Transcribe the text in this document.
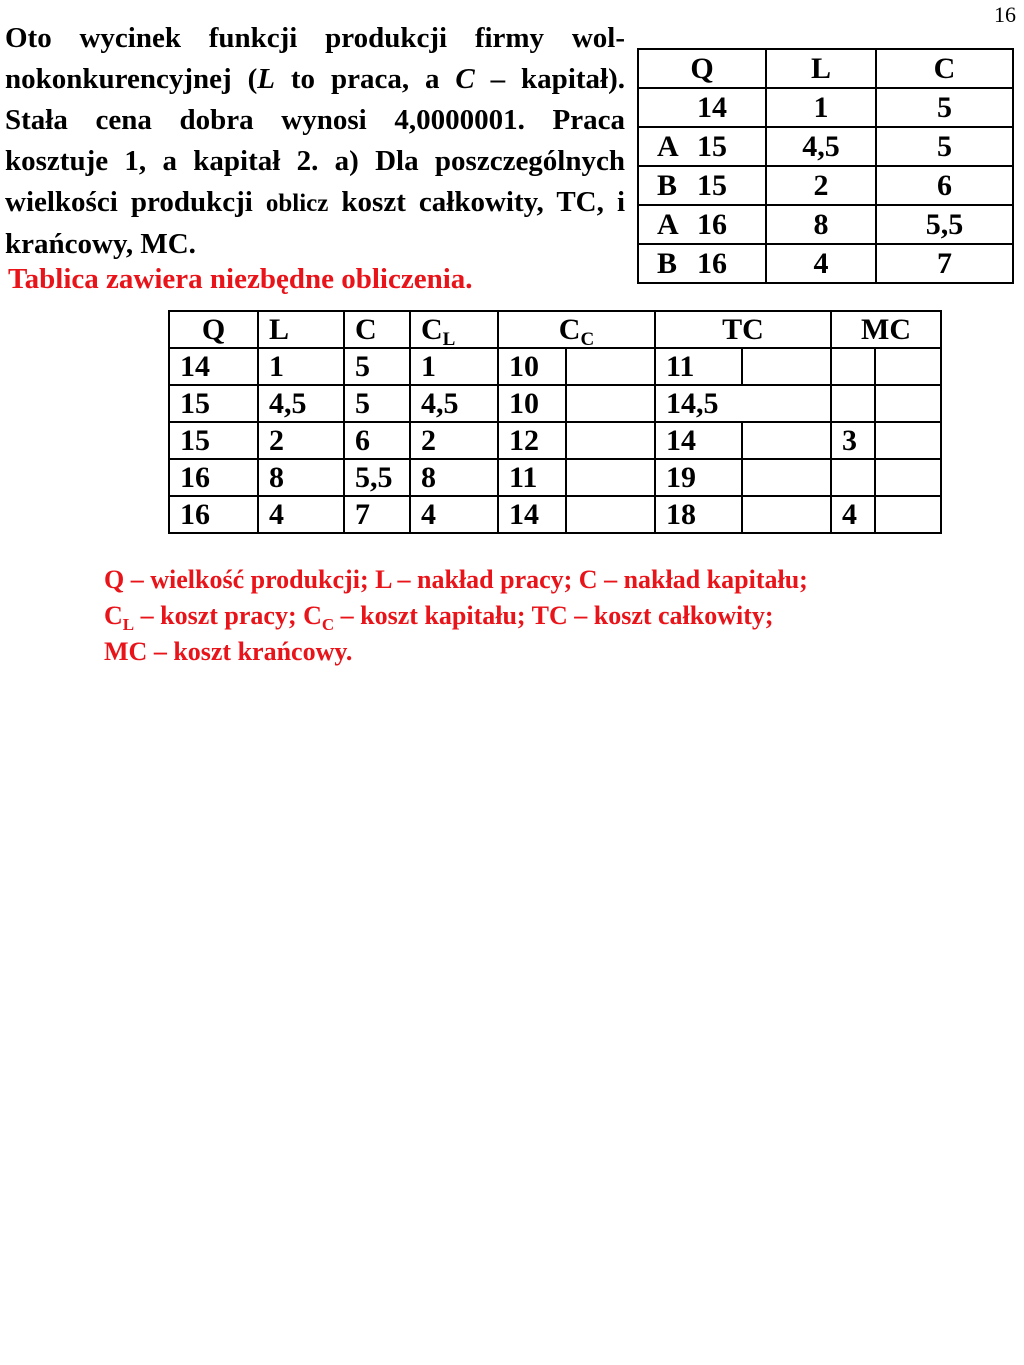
16

Oto wycinek funkcji produkcji firmy wolnokonkurencyjnej (L to praca, a C – kapitał). Stała cena dobra wynosi 4,0000001. Praca kosztuje 1, a kapitał 2. a) Dla poszczególnych wielkości produkcji oblicz koszt całkowity, TC, i krańcowy, MC.

Tablica zawiera niezbędne obliczenia.

Q	L	C
14	1	5
A 15	4,5	5
B 15	2	6
A 16	8	5,5
B 16	4	7
Q	L	C	$C_L$	$C_C$		TC		MC	
14	1	5	1	10		11			
15	4,5	5	4,5	10		14,5			
15	2	6	2	12		14		3	
16	8	5,5	8	11		19			
16	4	7	4	14		18		4	
Q – wielkość produkcji; L – nakład pracy; C – nakład kapitału;
$C_L$ – koszt pracy; $C_C$ – koszt kapitału; TC – koszt całkowity;
MC – koszt krańcowy.
